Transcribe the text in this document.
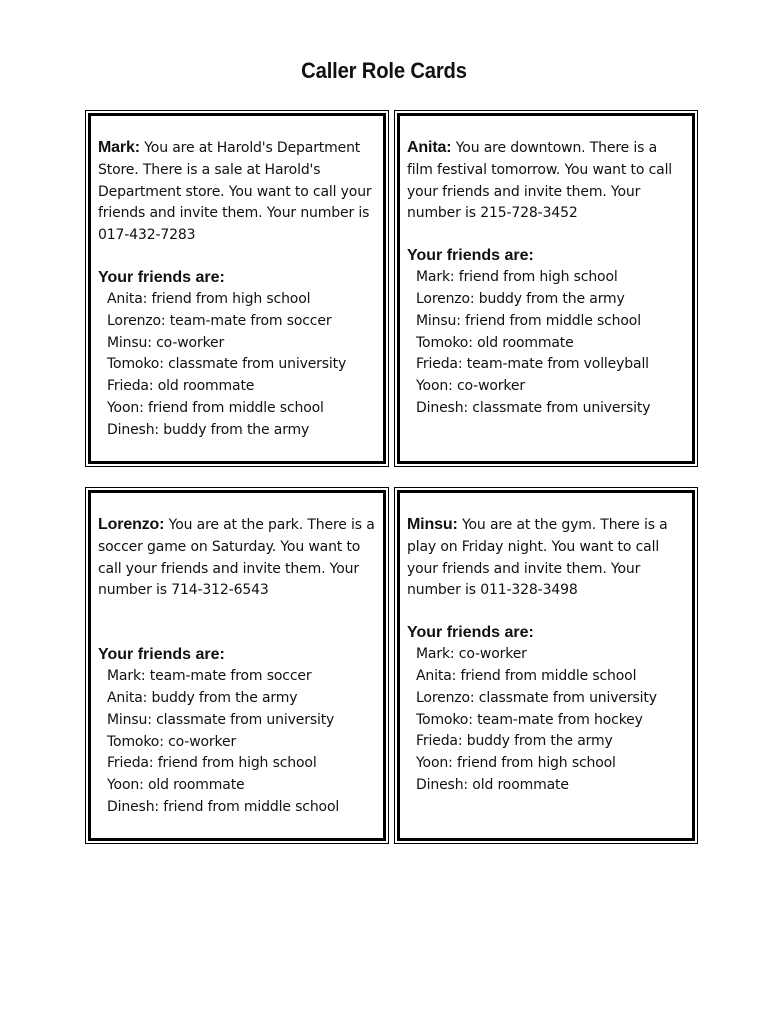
Caller Role Cards

Mark: You are at Harold's Department Store. There is a sale at Harold's Department store. You want to call your friends and invite them. Your number is 017-432-7283

Your friends are:

Anita: friend from high school
Lorenzo: team-mate from soccer
Minsu: co-worker
Tomoko: classmate from university
Frieda: old roommate
Yoon: friend from middle school
Dinesh: buddy from the army

Anita: You are downtown. There is a film festival tomorrow. You want to call your friends and invite them. Your number is 215-728-3452

Your friends are:

Mark: friend from high school
Lorenzo: buddy from the army
Minsu: friend from middle school
Tomoko: old roommate
Frieda: team-mate from volleyball
Yoon: co-worker
Dinesh: classmate from university

Lorenzo: You are at the park. There is a soccer game on Saturday. You want to call your friends and invite them. Your number is 714-312-6543

Your friends are:

Mark: team-mate from soccer
Anita: buddy from the army
Minsu: classmate from university
Tomoko: co-worker
Frieda: friend from high school
Yoon: old roommate
Dinesh: friend from middle school

Minsu: You are at the gym. There is a play on Friday night. You want to call your friends and invite them. Your number is 011-328-3498

Your friends are:

Mark: co-worker
Anita: friend from middle school
Lorenzo: classmate from university
Tomoko: team-mate from hockey
Frieda: buddy from the army
Yoon: friend from high school
Dinesh: old roommate
